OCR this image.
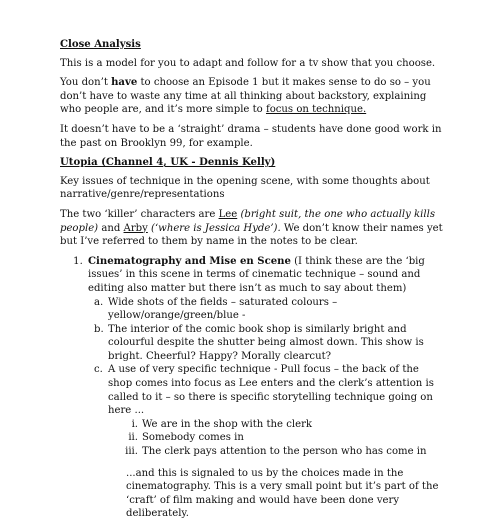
Close Analysis

This is a model for you to adapt and follow for a tv show that you choose.

You don’t have to choose an Episode 1 but it makes sense to do so – you don’t have to waste any time at all thinking about backstory, explaining who people are, and it’s more simple to focus on technique.

It doesn’t have to be a ‘straight’ drama – students have done good work in the past on Brooklyn 99, for example.

Utopia (Channel 4, UK - Dennis Kelly)

Key issues of technique in the opening scene, with some thoughts about narrative/genre/representations

The two ‘killer’ characters are Lee (bright suit, the one who actually kills people) and Arby (‘where is Jessica Hyde’). We don’t know their names yet but I’ve referred to them by name in the notes to be clear.

1. Cinematography and Mise en Scene (I think these are the ‘big issues’ in this scene in terms of cinematic technique – sound and editing also matter but there isn’t as much to say about them)
a. Wide shots of the fields – saturated colours – yellow/orange/green/blue -
b. The interior of the comic book shop is similarly bright and colourful despite the shutter being almost down. This show is bright. Cheerful? Happy? Morally clearcut?
c. A use of very specific technique - Pull focus – the back of the shop comes into focus as Lee enters and the clerk’s attention is called to it – so there is specific storytelling technique going on here ...
i. We are in the shop with the clerk
ii. Somebody comes in
iii. The clerk pays attention to the person who has come in

...and this is signaled to us by the choices made in the cinematography. This is a very small point but it’s part of the ‘craft’ of film making and would have been done very deliberately.
